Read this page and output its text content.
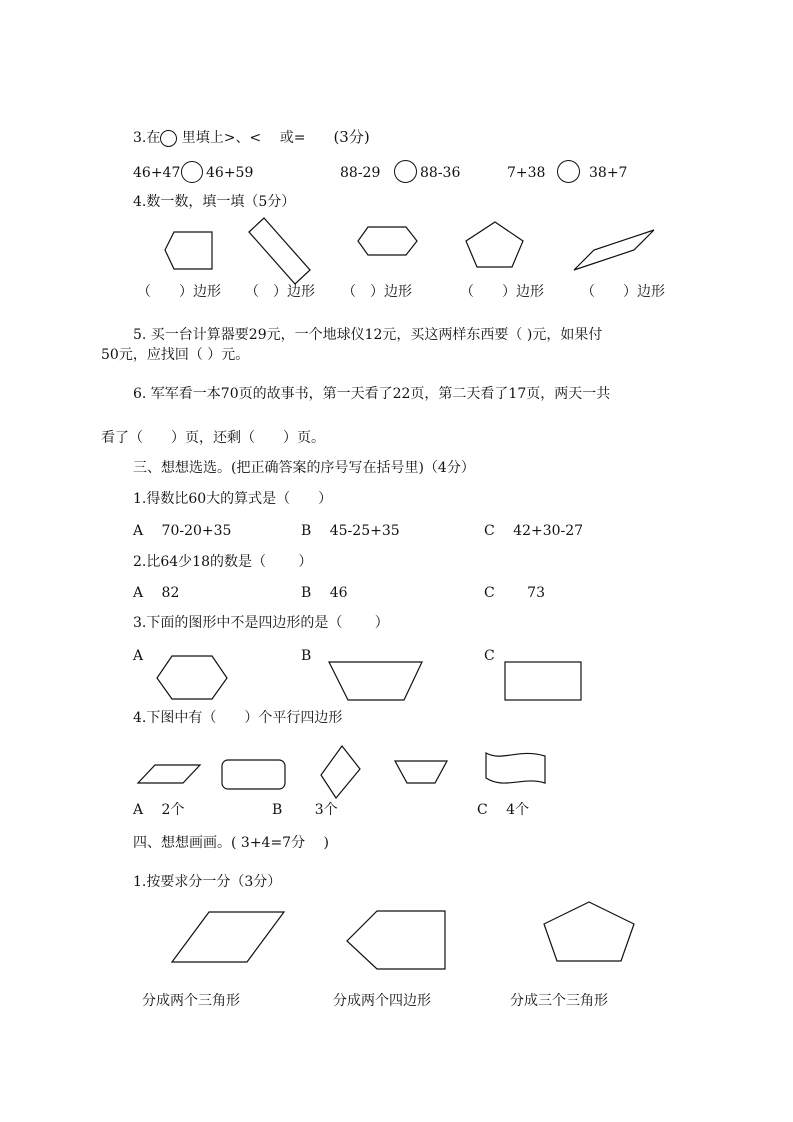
3.在 里填上>、<　 或=　　(3分)
46+47 46+59	88-29	88-36	7+38	38+7
4.数一数，填一填（5分）
（　　）边形 （　）边形 （　）边形	（　　）边形	（　　）边形
5. 买一台计算器要29元，一个地球仪12元，买这两样东西要（ )元，如果付
50元，应找回（ ）元。
6. 军军看一本70页的故事书，第一天看了22页，第二天看了17页，两天一共
看了（　　）页，还剩（　　）页。
三、想想选选。(把正确答案的序号写在括号里)（4分）
1.得数比60大的算式是（　　）
A　 70-20+35	B　 45-25+35	C　 42+30-27
2.比64少18的数是（　　 ）
A　 82	B　 46	C　　 73
3.下面的图形中不是四边形的是（　　 ）
A	B	C
4.下图中有（　　）个平行四边形
A　 2个	B　　 3个	C　 4个
四、想想画画。( 3+4=7分　 )
1.按要求分一分（3分）
分成两个三角形	分成两个四边形	分成三个三角形
